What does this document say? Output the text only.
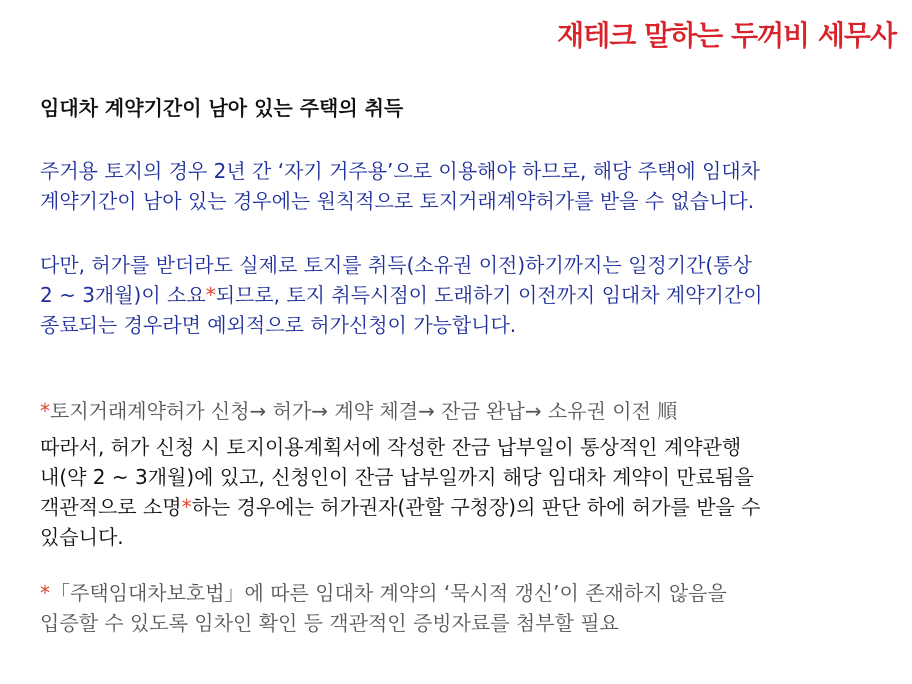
재테크 말하는 두꺼비 세무사
임대차 계약기간이 남아 있는 주택의 취득

주거용 토지의 경우 2년 간 ‘자기 거주용’으로 이용해야 하므로, 해당 주택에 임대차
계약기간이 남아 있는 경우에는 원칙적으로 토지거래계약허가를 받을 수 없습니다.

다만, 허가를 받더라도 실제로 토지를 취득(소유권 이전)하기까지는 일정기간(통상
2 ~ 3개월)이 소요*되므로, 토지 취득시점이 도래하기 이전까지 임대차 계약기간이
종료되는 경우라면 예외적으로 허가신청이 가능합니다.

*토지거래계약허가 신청→ 허가→ 계약 체결→ 잔금 완납→ 소유권 이전 順

따라서, 허가 신청 시 토지이용계획서에 작성한 잔금 납부일이 통상적인 계약관행
내(약 2 ~ 3개월)에 있고, 신청인이 잔금 납부일까지 해당 임대차 계약이 만료됨을
객관적으로 소명*하는 경우에는 허가권자(관할 구청장)의 판단 하에 허가를 받을 수
있습니다.

*「주택임대차보호법」에 따른 임대차 계약의 ‘묵시적 갱신’이 존재하지 않음을
입증할 수 있도록 임차인 확인 등 객관적인 증빙자료를 첨부할 필요
